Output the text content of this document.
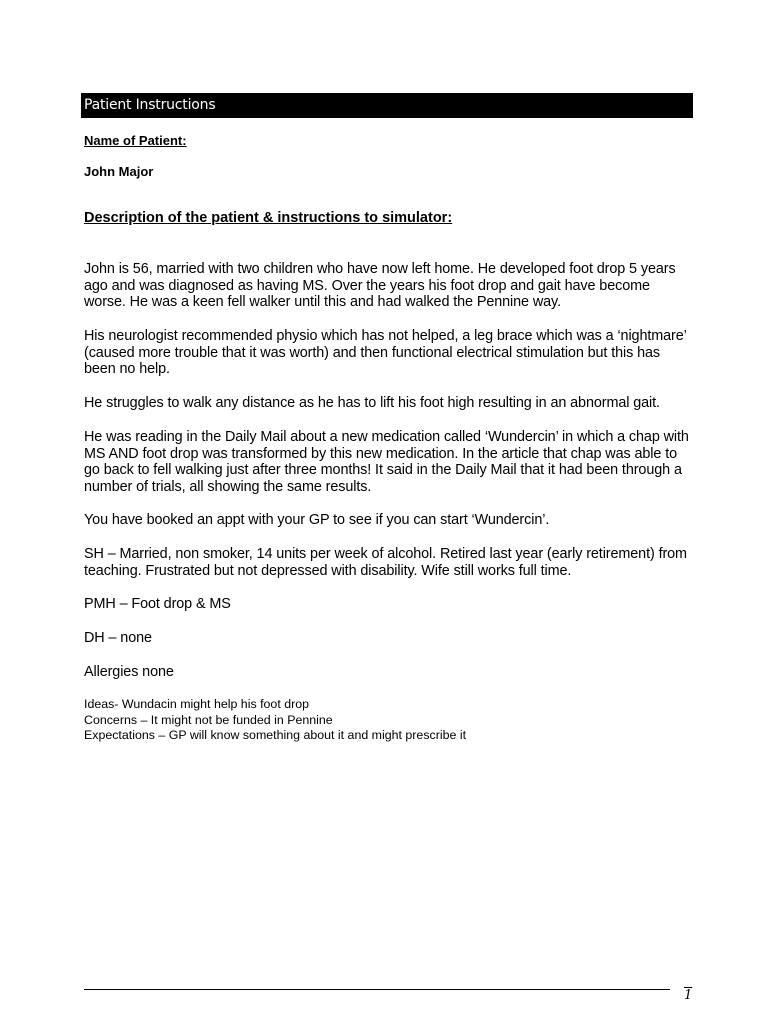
Patient Instructions
Name of Patient:
John Major
Description of the patient & instructions to simulator:

John is 56, married with two children who have now left home. He developed foot drop 5 years ago and was diagnosed as having MS. Over the years his foot drop and gait have become worse. He was a keen fell walker until this and had walked the Pennine way.

His neurologist recommended physio which has not helped, a leg brace which was a ‘nightmare’ (caused more trouble that it was worth) and then functional electrical stimulation but this has been no help.

He struggles to walk any distance as he has to lift his foot high resulting in an abnormal gait.

He was reading in the Daily Mail about a new medication called ‘Wundercin’ in which a chap with MS AND foot drop was transformed by this new medication. In the article that chap was able to go back to fell walking just after three months! It said in the Daily Mail that it had been through a number of trials, all showing the same results.

You have booked an appt with your GP to see if you can start ‘Wundercin’.

SH – Married, non smoker, 14 units per week of alcohol. Retired last year (early retirement) from teaching. Frustrated but not depressed with disability. Wife still works full time.

PMH – Foot drop & MS

DH – none

Allergies none

Ideas- Wundacin might help his foot drop
Concerns – It might not be funded in Pennine
Expectations – GP will know something about it and might prescribe it
1
